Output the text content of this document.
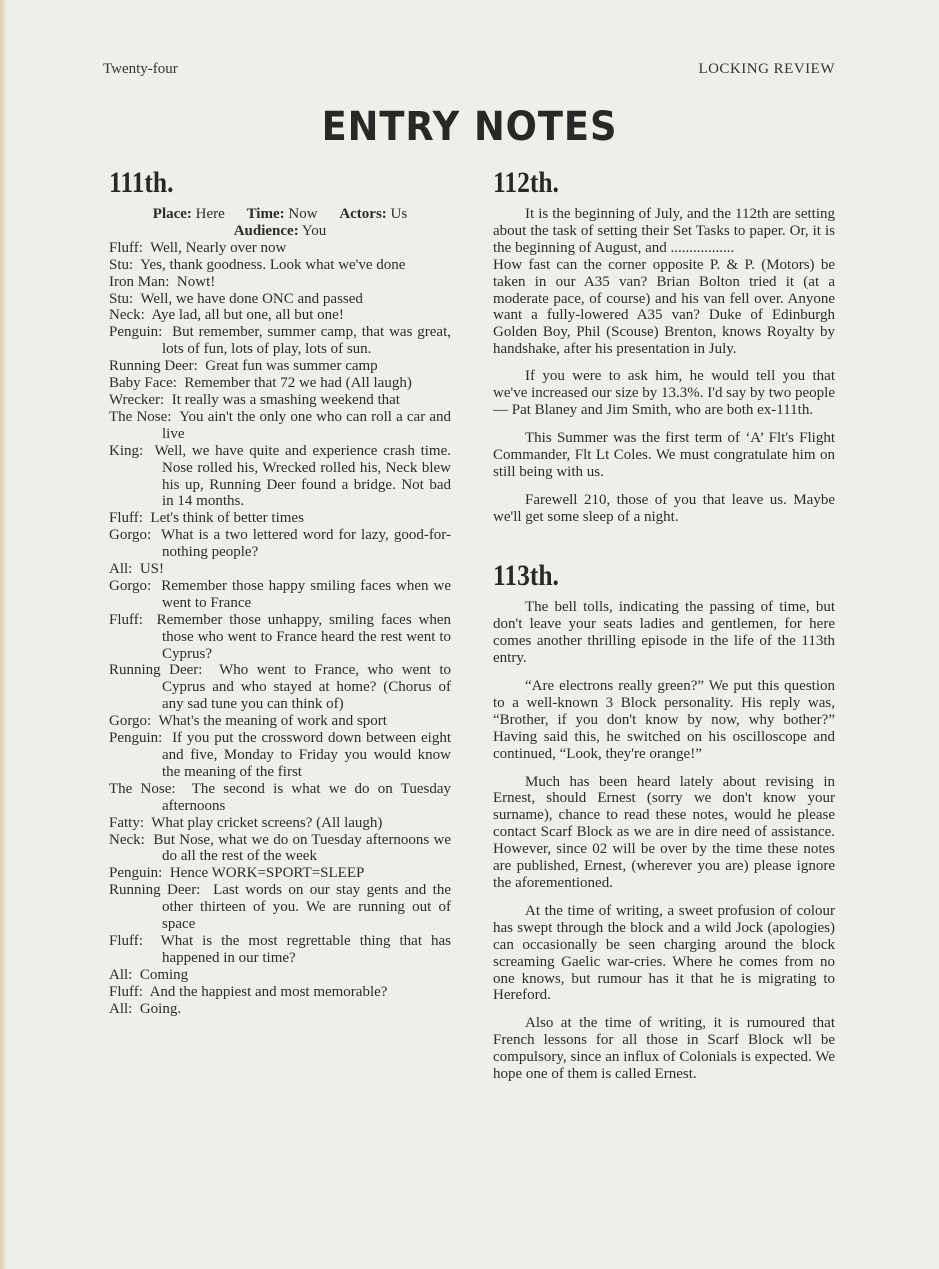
Twenty-four	LOCKING REVIEW
ENTRY NOTES
111th.
Place: Here Time: Now Actors: Us
Audience: You
Fluff:  Well, Nearly over now
Stu:  Yes, thank goodness. Look what we've done
Iron Man:  Nowt!
Stu:  Well, we have done ONC and passed
Neck:  Aye lad, all but one, all but one!
Penguin:  But remember, summer camp, that was great, lots of fun, lots of play, lots of sun.
Running Deer:  Great fun was summer camp
Baby Face:  Remember that 72 we had (All laugh)
Wrecker:  It really was a smashing weekend that
The Nose:  You ain't the only one who can roll a car and live
King:  Well, we have quite and experience crash time. Nose rolled his, Wrecked rolled his, Neck blew his up, Running Deer found a bridge. Not bad in 14 months.
Fluff:  Let's think of better times
Gorgo:  What is a two lettered word for lazy, good-for-nothing people?
All:  US!
Gorgo:  Remember those happy smiling faces when we went to France
Fluff:  Remember those unhappy, smiling faces when those who went to France heard the rest went to Cyprus?
Running Deer:  Who went to France, who went to Cyprus and who stayed at home? (Chorus of any sad tune you can think of)
Gorgo:  What's the meaning of work and sport
Penguin:  If you put the crossword down between eight and five, Monday to Friday you would know the meaning of the first
The Nose:  The second is what we do on Tuesday afternoons
Fatty:  What play cricket screens? (All laugh)
Neck:  But Nose, what we do on Tuesday afternoons we do all the rest of the week
Penguin:  Hence WORK=SPORT=SLEEP
Running Deer:  Last words on our stay gents and the other thirteen of you. We are running out of space
Fluff:  What is the most regrettable thing that has happened in our time?
All:  Coming
Fluff:  And the happiest and most memorable?
All:  Going.
112th.

It is the beginning of July, and the 112th are setting about the task of setting their Set Tasks to paper. Or, it is the beginning of August, and .................

How fast can the corner opposite P. & P. (Motors) be taken in our A35 van? Brian Bolton tried it (at a moderate pace, of course) and his van fell over. Anyone want a fully-lowered A35 van? Duke of Edinburgh Golden Boy, Phil (Scouse) Brenton, knows Royalty by handshake, after his presentation in July.

If you were to ask him, he would tell you that we've increased our size by 13.3%. I'd say by two people — Pat Blaney and Jim Smith, who are both ex-111th.

This Summer was the first term of ‘A’ Flt's Flight Commander, Flt Lt Coles. We must congratulate him on still being with us.

Farewell 210, those of you that leave us. Maybe we'll get some sleep of a night.

113th.

The bell tolls, indicating the passing of time, but don't leave your seats ladies and gentlemen, for here comes another thrilling episode in the life of the 113th entry.

“Are electrons really green?” We put this question to a well-known 3 Block personality. His reply was, “Brother, if you don't know by now, why bother?” Having said this, he switched on his oscilloscope and continued, “Look, they're orange!”

Much has been heard lately about revising in Ernest, should Ernest (sorry we don't know your surname), chance to read these notes, would he please contact Scarf Block as we are in dire need of assistance. However, since 02 will be over by the time these notes are published, Ernest, (wherever you are) please ignore the aforementioned.

At the time of writing, a sweet profusion of colour has swept through the block and a wild Jock (apologies) can occasionally be seen charging around the block screaming Gaelic war-cries. Where he comes from no one knows, but rumour has it that he is migrating to Hereford.

Also at the time of writing, it is rumoured that French lessons for all those in Scarf Block wll be compulsory, since an influx of Colonials is expected. We hope one of them is called Ernest.
